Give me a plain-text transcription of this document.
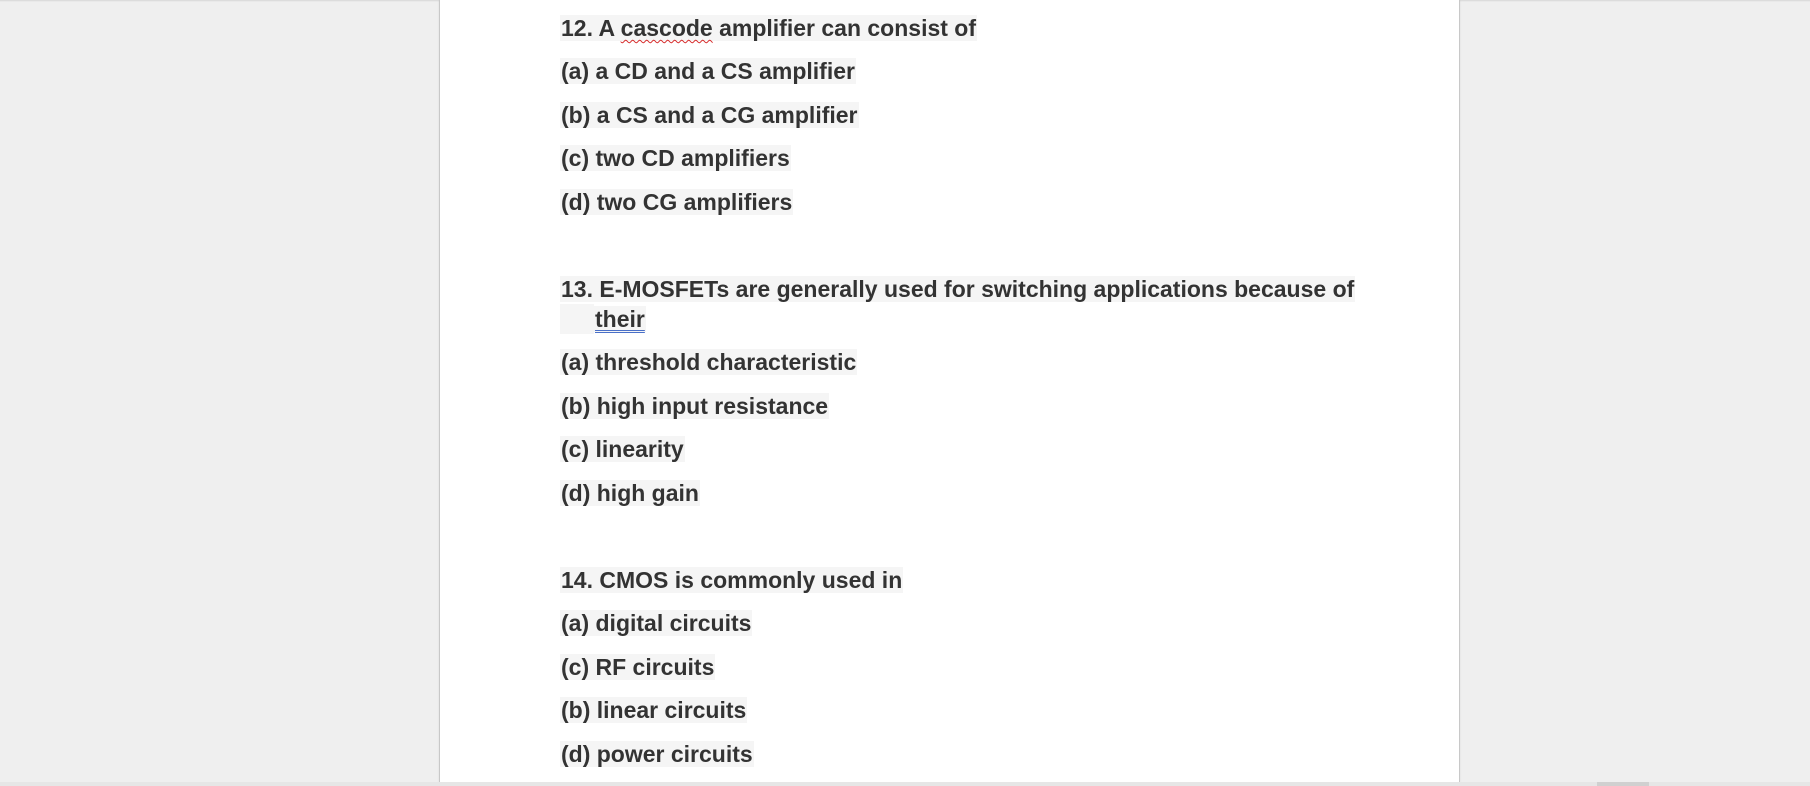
12. A cascode amplifier can consist of
(a) a CD and a CS amplifier
(b) a CS and a CG amplifier
(c) two CD amplifiers
(d) two CG amplifiers
13. E-MOSFETs are generally used for switching applications because of
their
(a) threshold characteristic
(b) high input resistance
(c) linearity
(d) high gain
14. CMOS is commonly used in
(a) digital circuits
(c) RF circuits
(b) linear circuits
(d) power circuits
